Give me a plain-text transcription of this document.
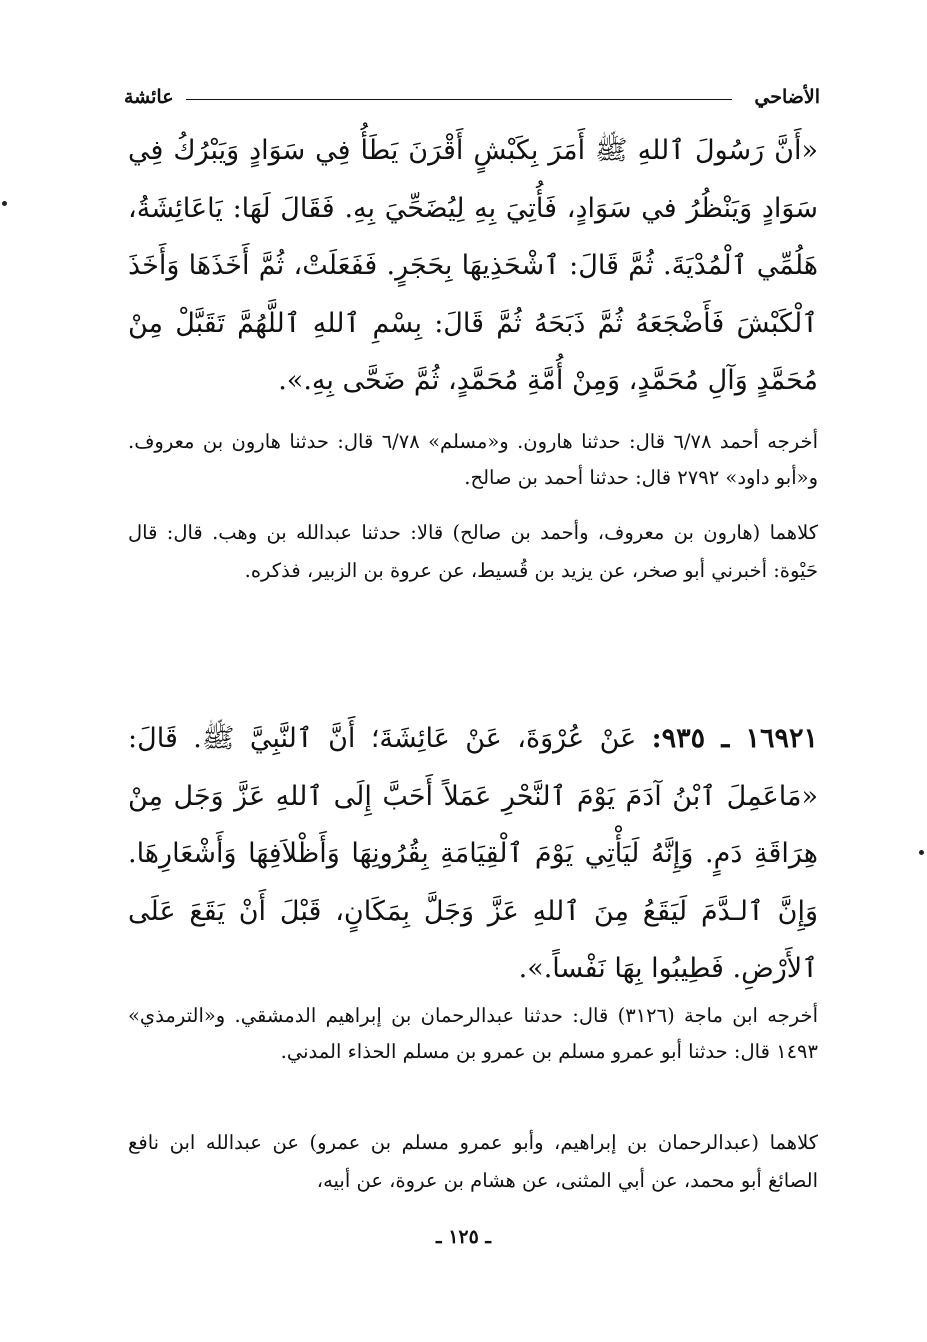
الأضاحي
عائشة
«أَنَّ رَسُولَ ٱللهِ ﷺ أَمَرَ بِكَبْشٍ أَقْرَنَ يَطَأُ فِي سَوَادٍ وَيَبْرُكُ فِي سَوَادٍ وَيَنْظُرُ في سَوَادٍ، فَأُتِيَ بِهِ لِيُضَحِّيَ بِهِ. فَقَالَ لَهَا: يَاعَائِشَةُ، هَلُمِّي ٱلْمُدْيَةَ. ثُمَّ قَالَ: ٱشْحَذِيهَا بِحَجَرٍ. فَفَعَلَتْ، ثُمَّ أَخَذَهَا وَأَخَذَ ٱلْكَبْشَ فَأَضْجَعَهُ ثُمَّ ذَبَحَهُ ثُمَّ قَالَ: بِسْمِ ٱللهِ ٱللَّهُمَّ تَقَبَّلْ مِنْ مُحَمَّدٍ وَآلِ مُحَمَّدٍ، وَمِنْ أُمَّةِ مُحَمَّدٍ، ثُمَّ ضَحَّى بِهِ.».
أخرجه أحمد ٦/٧٨ قال: حدثنا هارون. و«مسلم» ٦/٧٨ قال: حدثنا هارون بن معروف. و«أبو داود» ٢٧٩٢ قال: حدثنا أحمد بن صالح.
كلاهما (هارون بن معروف، وأحمد بن صالح) قالا: حدثنا عبدالله بن وهب. قال: قال حَيْوة: أخبرني أبو صخر، عن يزيد بن قُسيط، عن عروة بن الزبير، فذكره.
١٦٩٢١ ـ ٩٣٥: عَنْ عُرْوَةَ، عَنْ عَائِشَةَ؛ أَنَّ ٱلنَّبِيَّ ﷺ. قَالَ: «مَاعَمِلَ ٱبْنُ آدَمَ يَوْمَ ٱلنَّحْرِ عَمَلاً أَحَبَّ إِلَى ٱللهِ عَزَّ وَجَل مِنْ هِرَاقَةِ دَمٍ. وَإِنَّهُ لَيَأْتِي يَوْمَ ٱلْقِيَامَةِ بِقُرُونِهَا وَأَظْلاَفِهَا وَأَشْعَارِهَا. وَإِنَّ ٱلـدَّمَ لَيَقَعُ مِنَ ٱللهِ عَزَّ وَجَلَّ بِمَكَانٍ، قَبْلَ أَنْ يَقَعَ عَلَى ٱلأَرْضِ. فَطِيبُوا بِهَا نَفْساً.».
أخرجه ابن ماجة (٣١٢٦) قال: حدثنا عبدالرحمان بن إبراهيم الدمشقي. و«الترمذي» ١٤٩٣ قال: حدثنا أبو عمرو مسلم بن عمرو بن مسلم الحذاء المدني.
كلاهما (عبدالرحمان بن إبراهيم، وأبو عمرو مسلم بن عمرو) عن عبدالله ابن نافع الصائغ أبو محمد، عن أبي المثنى، عن هشام بن عروة، عن أبيه،
ـ ١٢٥ ـ
